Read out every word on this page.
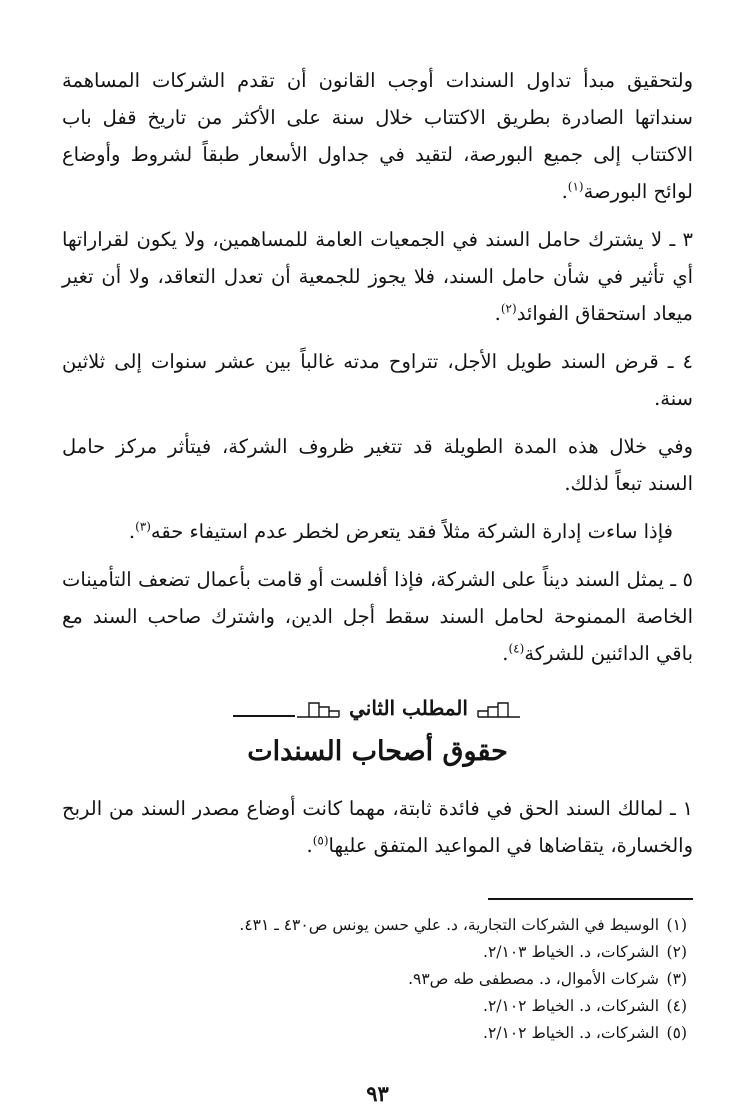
ولتحقيق مبدأ تداول السندات أوجب القانون أن تقدم الشركات المساهمة سنداتها الصادرة بطريق الاكتتاب خلال سنة على الأكثر من تاريخ قفل باب الاكتتاب إلى جميع البورصة، لتقيد في جداول الأسعار طبقاً لشروط وأوضاع لوائح البورصة$^{(١)}$.

٣ ـ لا يشترك حامل السند في الجمعيات العامة للمساهمين، ولا يكون لقراراتها أي تأثير في شأن حامل السند، فلا يجوز للجمعية أن تعدل التعاقد، ولا أن تغير ميعاد استحقاق الفوائد$^{(٢)}$.

٤ ـ قرض السند طويل الأجل، تتراوح مدته غالباً بين عشر سنوات إلى ثلاثين سنة.

وفي خلال هذه المدة الطويلة قد تتغير ظروف الشركة، فيتأثر مركز حامل السند تبعاً لذلك.

فإذا ساءت إدارة الشركة مثلاً فقد يتعرض لخطر عدم استيفاء حقه$^{(٣)}$.

٥ ـ يمثل السند ديناً على الشركة، فإذا أفلست أو قامت بأعمال تضعف التأمينات الخاصة الممنوحة لحامل السند سقط أجل الدين، واشترك صاحب السند مع باقي الدائنين للشركة$^{(٤)}$.

المطلب الثاني
حقوق أصحاب السندات

١ ـ لمالك السند الحق في فائدة ثابتة، مهما كانت أوضاع مصدر السند من الربح والخسارة، يتقاضاها في المواعيد المتفق عليها$^{(٥)}$.

(١)الوسيط في الشركات التجارية، د. علي حسن يونس ص٤٣٠ ـ ٤٣١.
(٢)الشركات، د. الخياط ٢/١٠٣.
(٣)شركات الأموال، د. مصطفى طه ص٩٣.
(٤)الشركات، د. الخياط ٢/١٠٢.
(٥)الشركات، د. الخياط ٢/١٠٢.
٩٣
